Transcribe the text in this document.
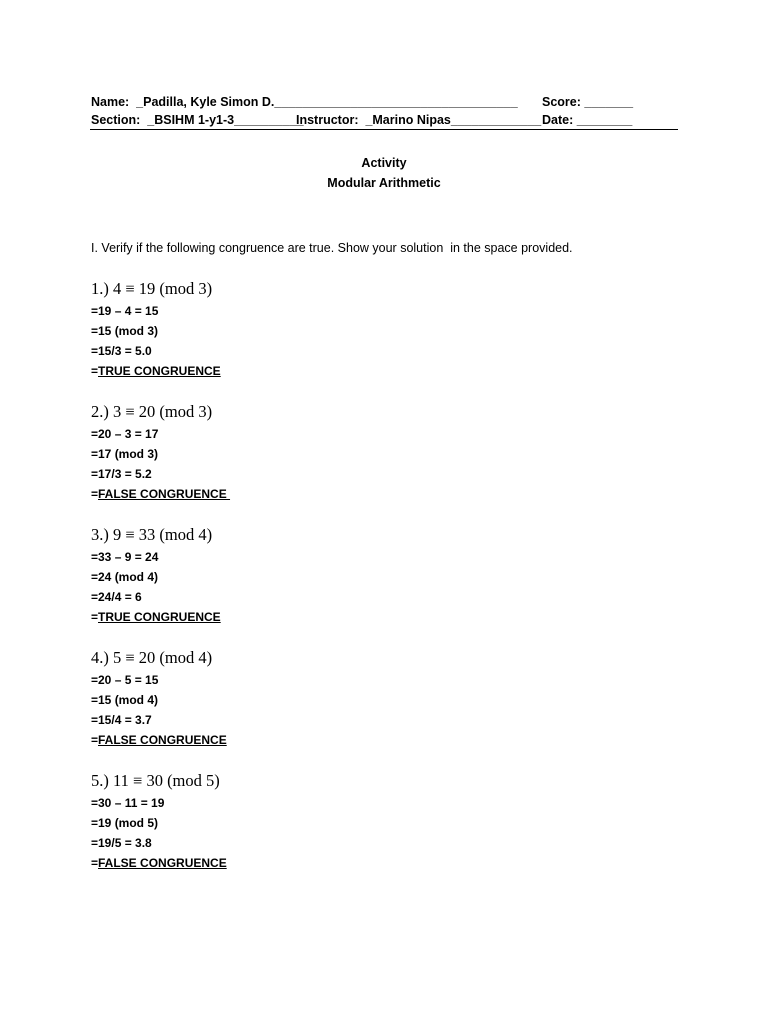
Name:  _Padilla, Kyle Simon D.___________________________________ Score: _______
Section:  _BSIHM 1-y1-3__________
Instructor:  _Marino Nipas_____________ Date: ________
Activity
Modular Arithmetic
I. Verify if the following congruence are true. Show your solution  in the space provided.
1.) 4 ≡ 19 (mod 3)
=19 – 4 = 15
=15 (mod 3)
=15/3 = 5.0
=TRUE CONGRUENCE
2.) 3 ≡ 20 (mod 3)
=20 – 3 = 17
=17 (mod 3)
=17/3 = 5.2
=FALSE CONGRUENCE
3.) 9 ≡ 33 (mod 4)
=33 – 9 = 24
=24 (mod 4)
=24/4 = 6
=TRUE CONGRUENCE
4.) 5 ≡ 20 (mod 4)
=20 – 5 = 15
=15 (mod 4)
=15/4 = 3.7
=FALSE CONGRUENCE
5.) 11 ≡ 30 (mod 5)
=30 – 11 = 19
=19 (mod 5)
=19/5 = 3.8
=FALSE CONGRUENCE
